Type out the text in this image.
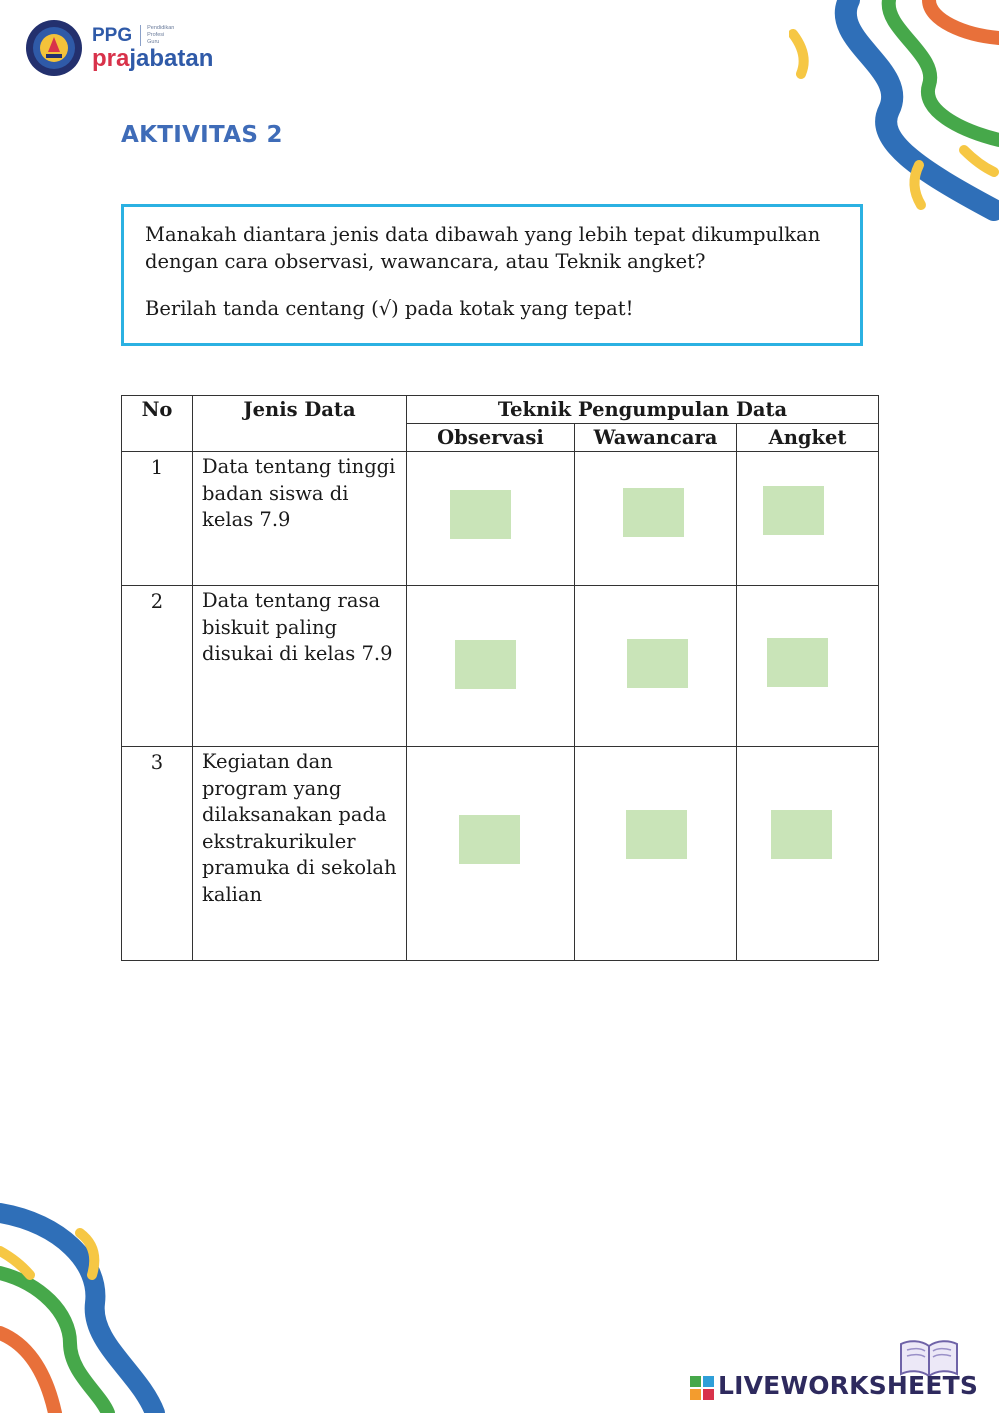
PPG	Pendidikan
Profesi
Guru
prajabatan
AKTIVITAS 2

Manakah diantara jenis data dibawah yang lebih tepat dikumpulkan dengan cara observasi, wawancara, atau Teknik angket?

Berilah tanda centang (√) pada kotak yang tepat!

No	Jenis Data	Teknik Pengumpulan Data		
		Observasi	Wawancara	Angket
1	Data tentang tinggi badan siswa di kelas 7.9	

2	Data tentang rasa biskuit paling disukai di kelas 7.9	

3	Kegiatan dan program yang dilaksanakan pada ekstrakurikuler pramuka di sekolah kalian	

LIVEWORKSHEETS
